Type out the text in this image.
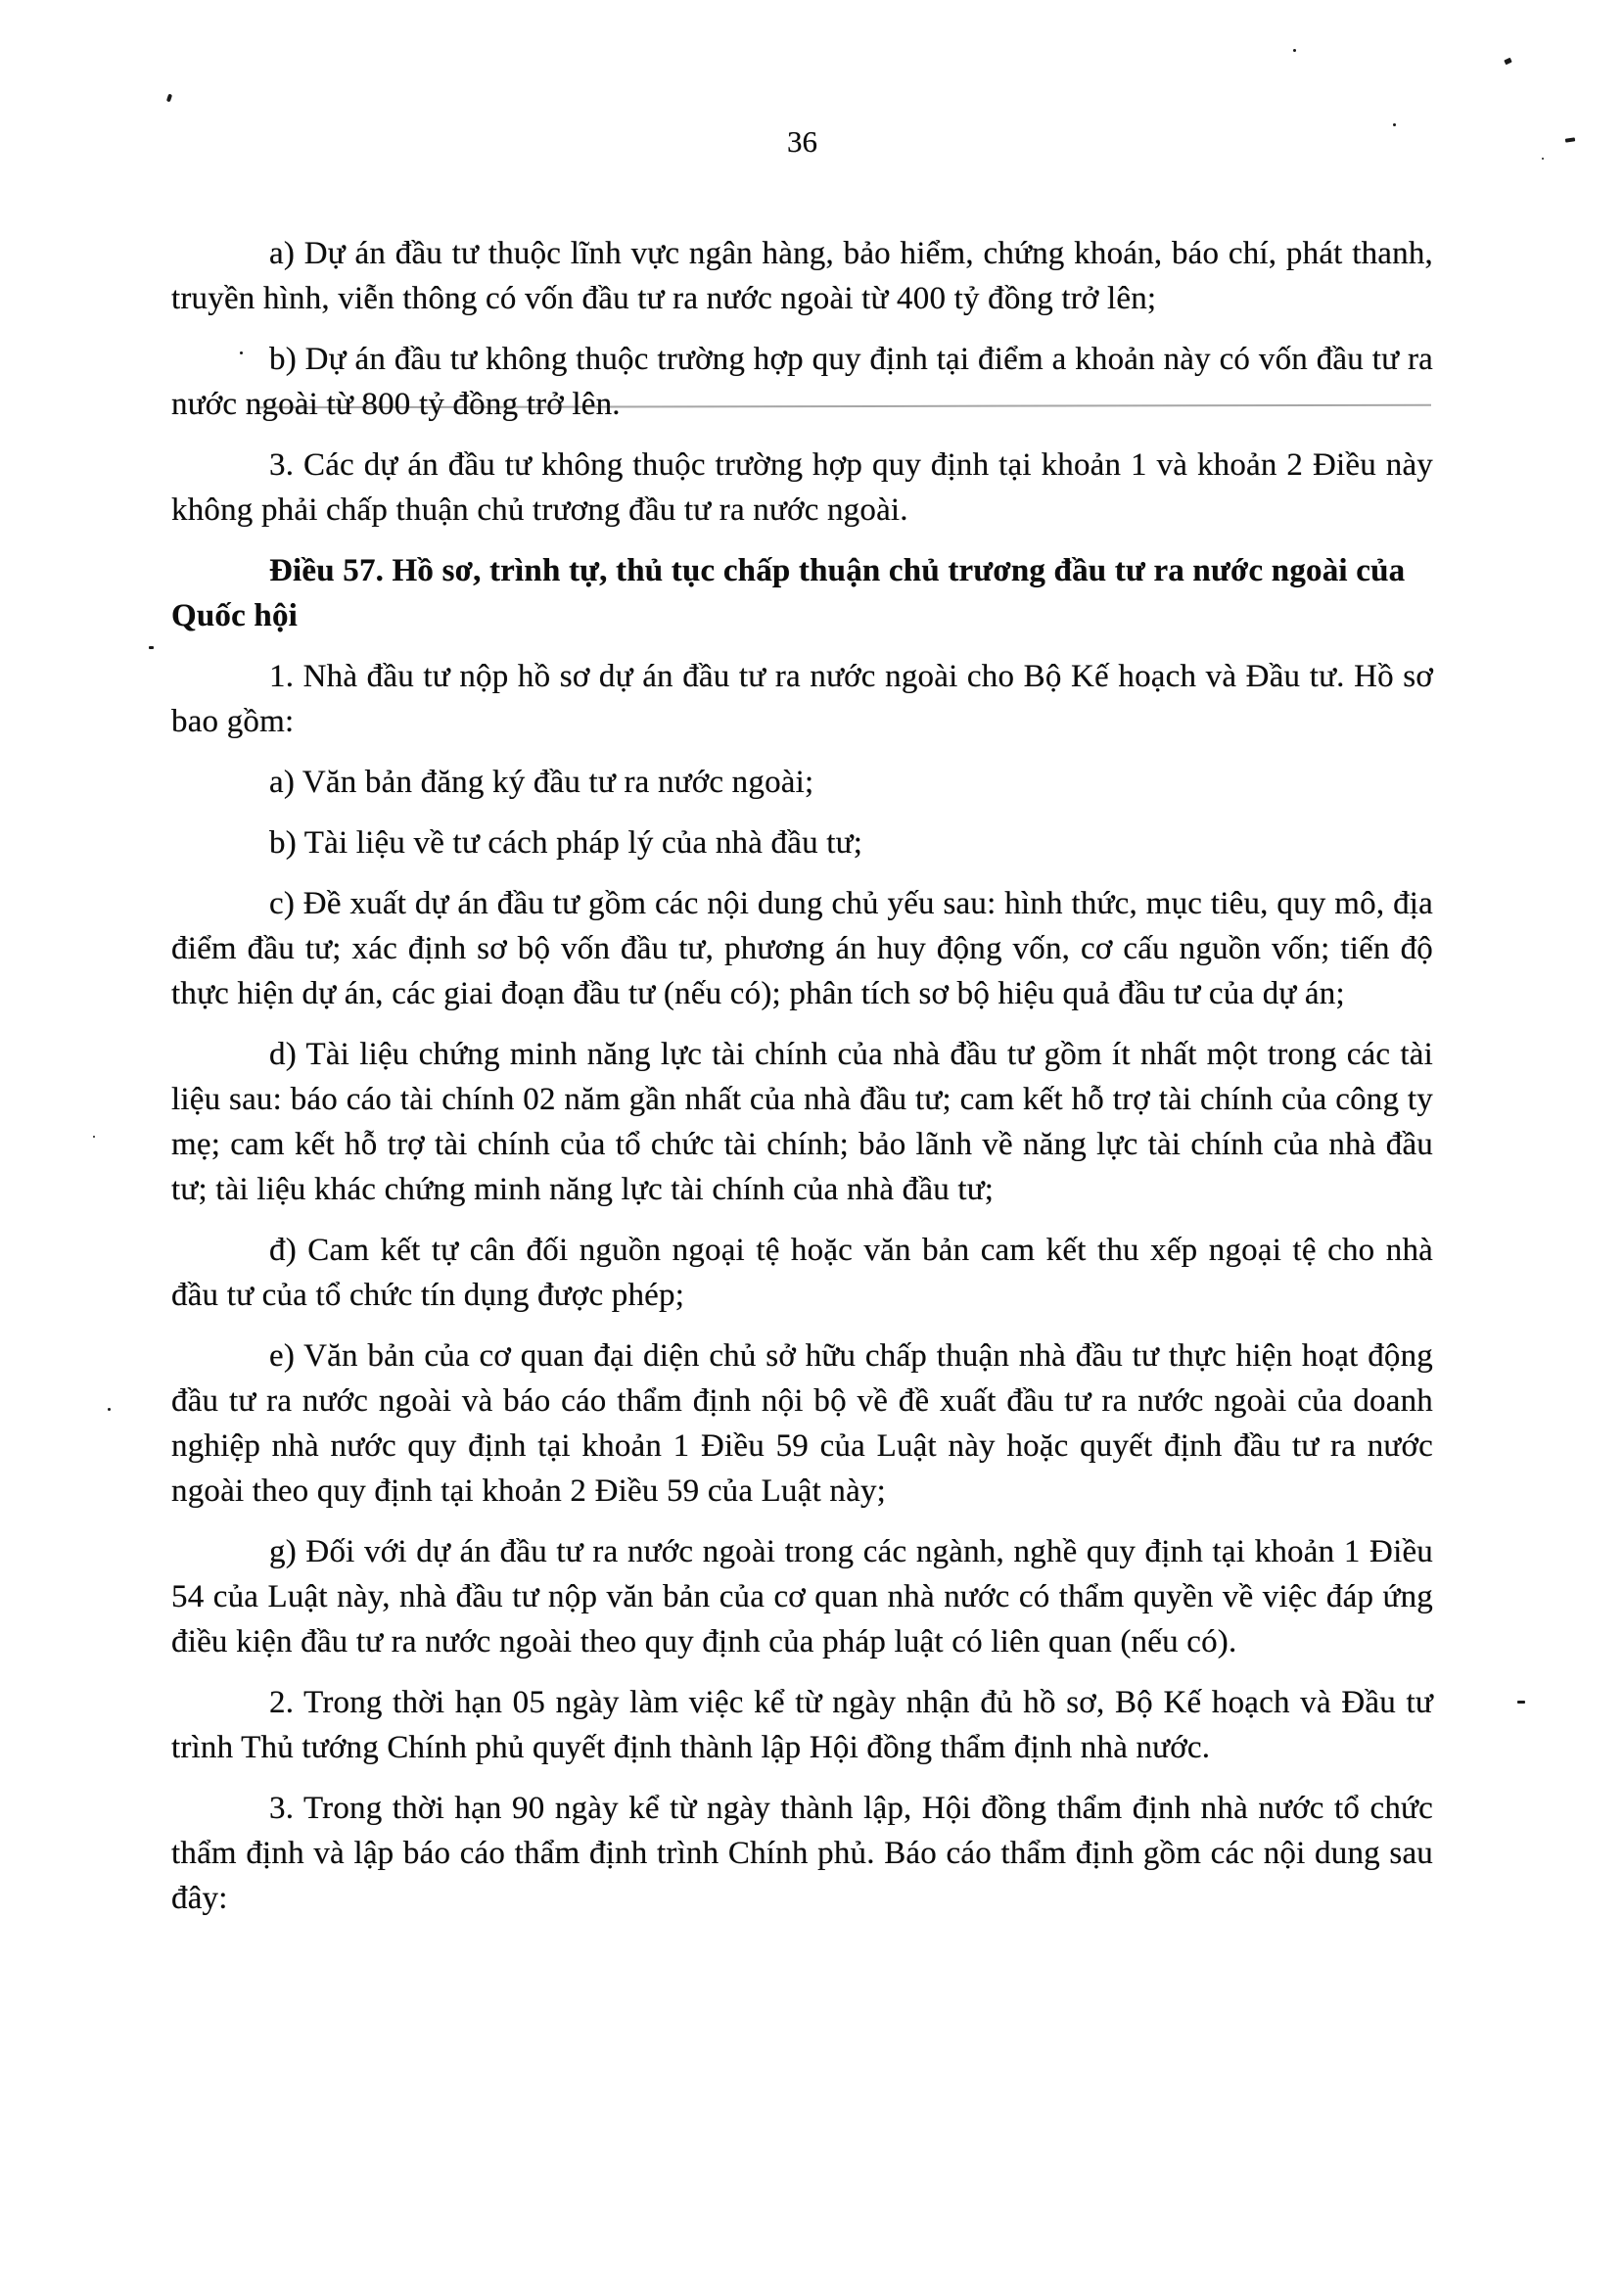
36

a) Dự án đầu tư thuộc lĩnh vực ngân hàng, bảo hiểm, chứng khoán, báo chí, phát thanh, truyền hình, viễn thông có vốn đầu tư ra nước ngoài từ 400 tỷ đồng trở lên;

b) Dự án đầu tư không thuộc trường hợp quy định tại điểm a khoản này có vốn đầu tư ra nước ngoài từ 800 tỷ đồng trở lên.

3. Các dự án đầu tư không thuộc trường hợp quy định tại khoản 1 và khoản 2 Điều này không phải chấp thuận chủ trương đầu tư ra nước ngoài.

Điều 57. Hồ sơ, trình tự, thủ tục chấp thuận chủ trương đầu tư ra nước ngoài của Quốc hội

1. Nhà đầu tư nộp hồ sơ dự án đầu tư ra nước ngoài cho Bộ Kế hoạch và Đầu tư. Hồ sơ bao gồm:

a) Văn bản đăng ký đầu tư ra nước ngoài;

b) Tài liệu về tư cách pháp lý của nhà đầu tư;

c) Đề xuất dự án đầu tư gồm các nội dung chủ yếu sau: hình thức, mục tiêu, quy mô, địa điểm đầu tư; xác định sơ bộ vốn đầu tư, phương án huy động vốn, cơ cấu nguồn vốn; tiến độ thực hiện dự án, các giai đoạn đầu tư (nếu có); phân tích sơ bộ hiệu quả đầu tư của dự án;

d) Tài liệu chứng minh năng lực tài chính của nhà đầu tư gồm ít nhất một trong các tài liệu sau: báo cáo tài chính 02 năm gần nhất của nhà đầu tư; cam kết hỗ trợ tài chính của công ty mẹ; cam kết hỗ trợ tài chính của tổ chức tài chính; bảo lãnh về năng lực tài chính của nhà đầu tư; tài liệu khác chứng minh năng lực tài chính của nhà đầu tư;

đ) Cam kết tự cân đối nguồn ngoại tệ hoặc văn bản cam kết thu xếp ngoại tệ cho nhà đầu tư của tổ chức tín dụng được phép;

e) Văn bản của cơ quan đại diện chủ sở hữu chấp thuận nhà đầu tư thực hiện hoạt động đầu tư ra nước ngoài và báo cáo thẩm định nội bộ về đề xuất đầu tư ra nước ngoài của doanh nghiệp nhà nước quy định tại khoản 1 Điều 59 của Luật này hoặc quyết định đầu tư ra nước ngoài theo quy định tại khoản 2 Điều 59 của Luật này;

g) Đối với dự án đầu tư ra nước ngoài trong các ngành, nghề quy định tại khoản 1 Điều 54 của Luật này, nhà đầu tư nộp văn bản của cơ quan nhà nước có thẩm quyền về việc đáp ứng điều kiện đầu tư ra nước ngoài theo quy định của pháp luật có liên quan (nếu có).

2. Trong thời hạn 05 ngày làm việc kể từ ngày nhận đủ hồ sơ, Bộ Kế hoạch và Đầu tư trình Thủ tướng Chính phủ quyết định thành lập Hội đồng thẩm định nhà nước.

3. Trong thời hạn 90 ngày kể từ ngày thành lập, Hội đồng thẩm định nhà nước tổ chức thẩm định và lập báo cáo thẩm định trình Chính phủ. Báo cáo thẩm định gồm các nội dung sau đây:
